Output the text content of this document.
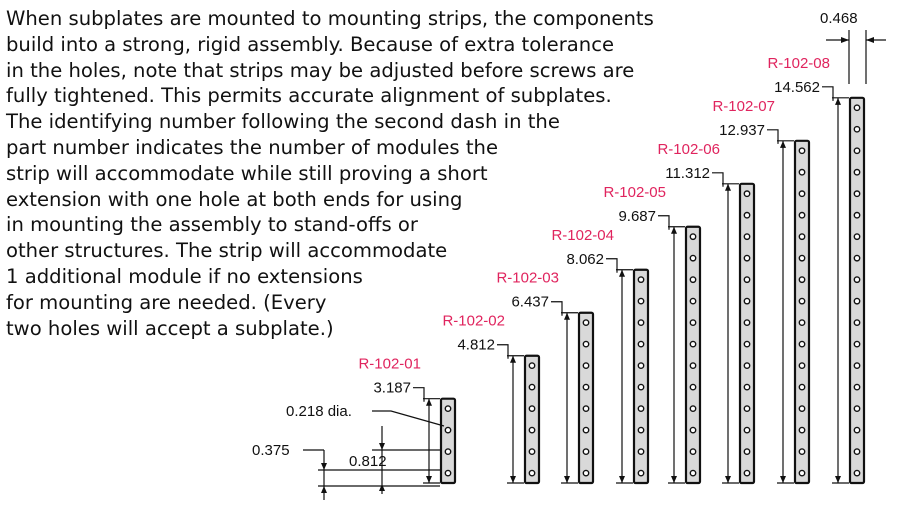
When subplates are mounted to mounting strips, the components
build into a strong, rigid assembly. Because of extra tolerance
in the holes, note that strips may be adjusted before screws are
fully tightened. This permits accurate alignment of subplates.
The identifying number following the second dash in the
part number indicates the number of modules the
strip will accommodate while still proving a short
extension with one hole at both ends for using
in mounting the assembly to stand-offs or
other structures. The strip will accommodate
1 additional module if no extensions
for mounting are needed. (Every
two holes will accept a subplate.)
3.187
R-102-01
4.812
R-102-02
6.437
R-102-03
8.062
R-102-04
9.687
R-102-05
11.312
R-102-06
12.937
R-102-07
14.562
R-102-08
0.468
0.218 dia.
0.375
0.812
